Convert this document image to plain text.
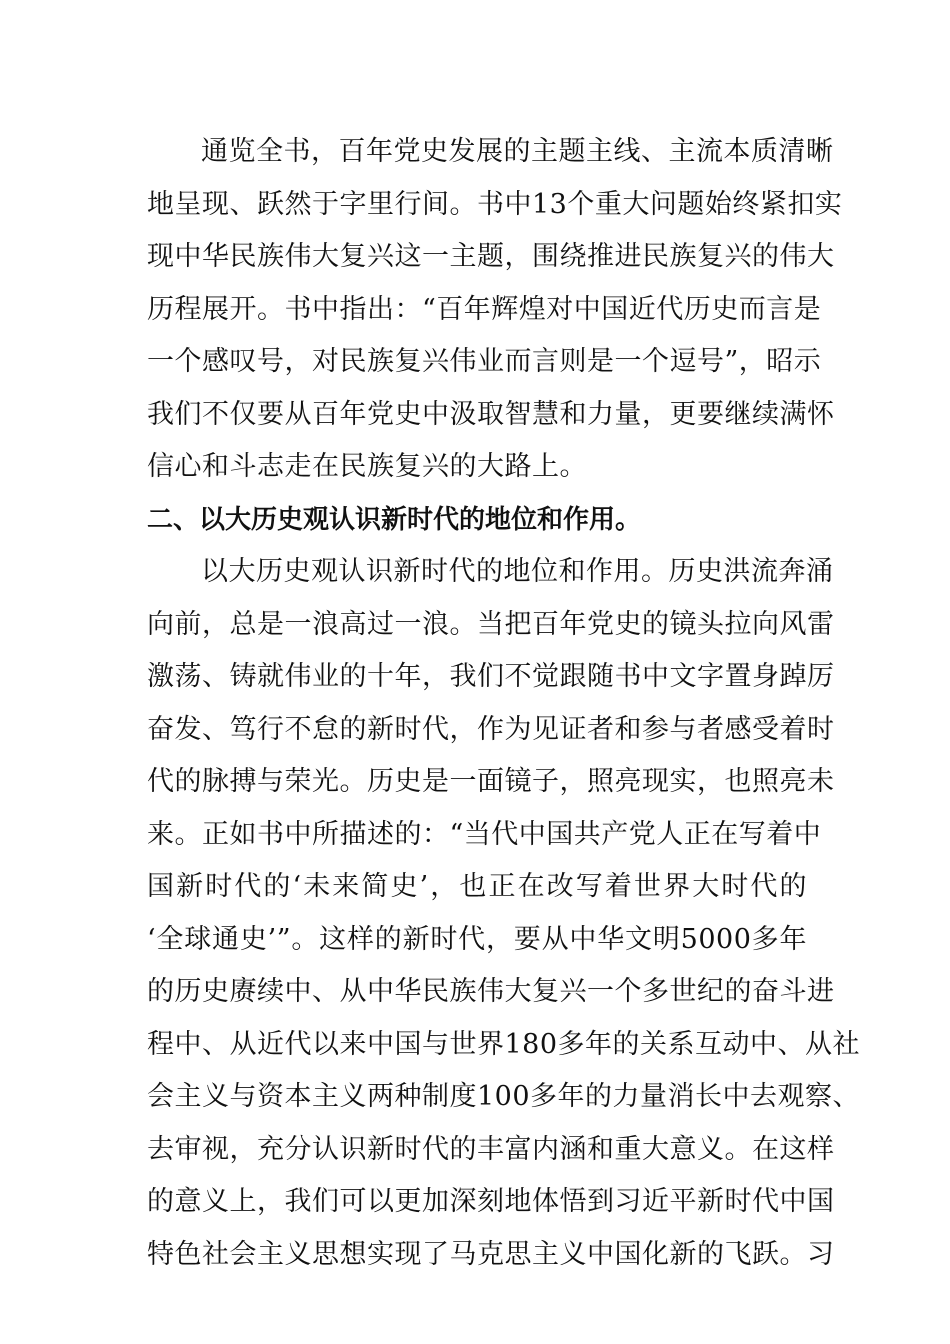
通览全书，百年党史发展的主题主线、主流本质清晰
地呈现、跃然于字里行间。书中13个重大问题始终紧扣实
现中华民族伟大复兴这一主题，围绕推进民族复兴的伟大
历程展开。书中指出：“百年辉煌对中国近代历史而言是
一个感叹号，对民族复兴伟业而言则是一个逗号”，昭示
我们不仅要从百年党史中汲取智慧和力量，更要继续满怀
信心和斗志走在民族复兴的大路上。
二、以大历史观认识新时代的地位和作用。
以大历史观认识新时代的地位和作用。历史洪流奔涌
向前，总是一浪高过一浪。当把百年党史的镜头拉向风雷
激荡、铸就伟业的十年，我们不觉跟随书中文字置身踔厉
奋发、笃行不怠的新时代，作为见证者和参与者感受着时
代的脉搏与荣光。历史是一面镜子，照亮现实，也照亮未
来。正如书中所描述的：“当代中国共产党人正在写着中
国新时代的‘未来简史’，也正在改写着世界大时代的
‘全球通史’”。这样的新时代，要从中华文明5000多年
的历史赓续中、从中华民族伟大复兴一个多世纪的奋斗进
程中、从近代以来中国与世界180多年的关系互动中、从社
会主义与资本主义两种制度100多年的力量消长中去观察、
去审视，充分认识新时代的丰富内涵和重大意义。在这样
的意义上，我们可以更加深刻地体悟到习近平新时代中国
特色社会主义思想实现了马克思主义中国化新的飞跃。习
